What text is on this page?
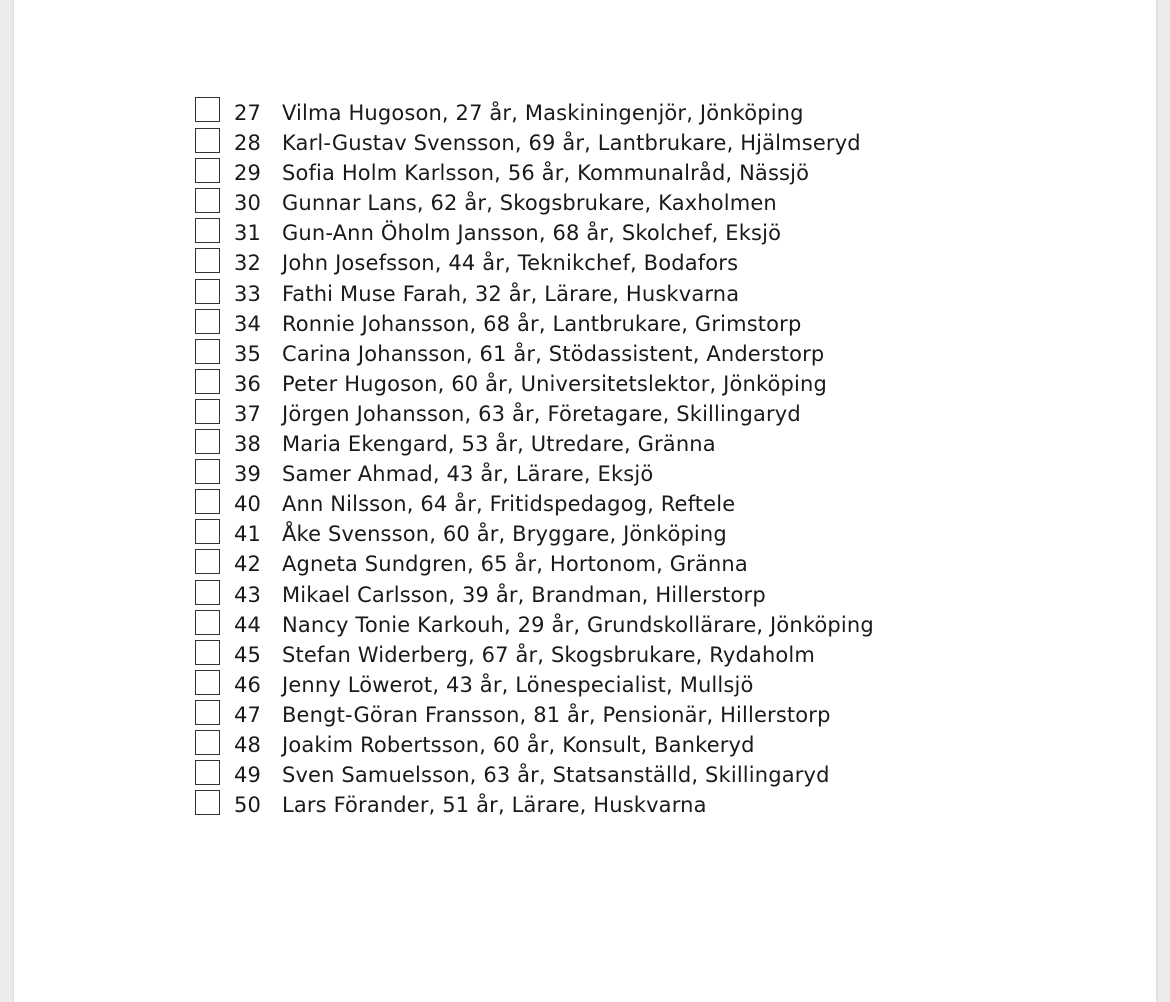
27 Vilma Hugoson, 27 år, Maskiningenjör, Jönköping
28 Karl-Gustav Svensson, 69 år, Lantbrukare, Hjälmseryd
29 Sofia Holm Karlsson, 56 år, Kommunalråd, Nässjö
30 Gunnar Lans, 62 år, Skogsbrukare, Kaxholmen
31 Gun-Ann Öholm Jansson, 68 år, Skolchef, Eksjö
32 John Josefsson, 44 år, Teknikchef, Bodafors
33 Fathi Muse Farah, 32 år, Lärare, Huskvarna
34 Ronnie Johansson, 68 år, Lantbrukare, Grimstorp
35 Carina Johansson, 61 år, Stödassistent, Anderstorp
36 Peter Hugoson, 60 år, Universitetslektor, Jönköping
37 Jörgen Johansson, 63 år, Företagare, Skillingaryd
38 Maria Ekengard, 53 år, Utredare, Gränna
39 Samer Ahmad, 43 år, Lärare, Eksjö
40 Ann Nilsson, 64 år, Fritidspedagog, Reftele
41 Åke Svensson, 60 år, Bryggare, Jönköping
42 Agneta Sundgren, 65 år, Hortonom, Gränna
43 Mikael Carlsson, 39 år, Brandman, Hillerstorp
44 Nancy Tonie Karkouh, 29 år, Grundskollärare, Jönköping
45 Stefan Widerberg, 67 år, Skogsbrukare, Rydaholm
46 Jenny Löwerot, 43 år, Lönespecialist, Mullsjö
47 Bengt-Göran Fransson, 81 år, Pensionär, Hillerstorp
48 Joakim Robertsson, 60 år, Konsult, Bankeryd
49 Sven Samuelsson, 63 år, Statsanställd, Skillingaryd
50 Lars Förander, 51 år, Lärare, Huskvarna
